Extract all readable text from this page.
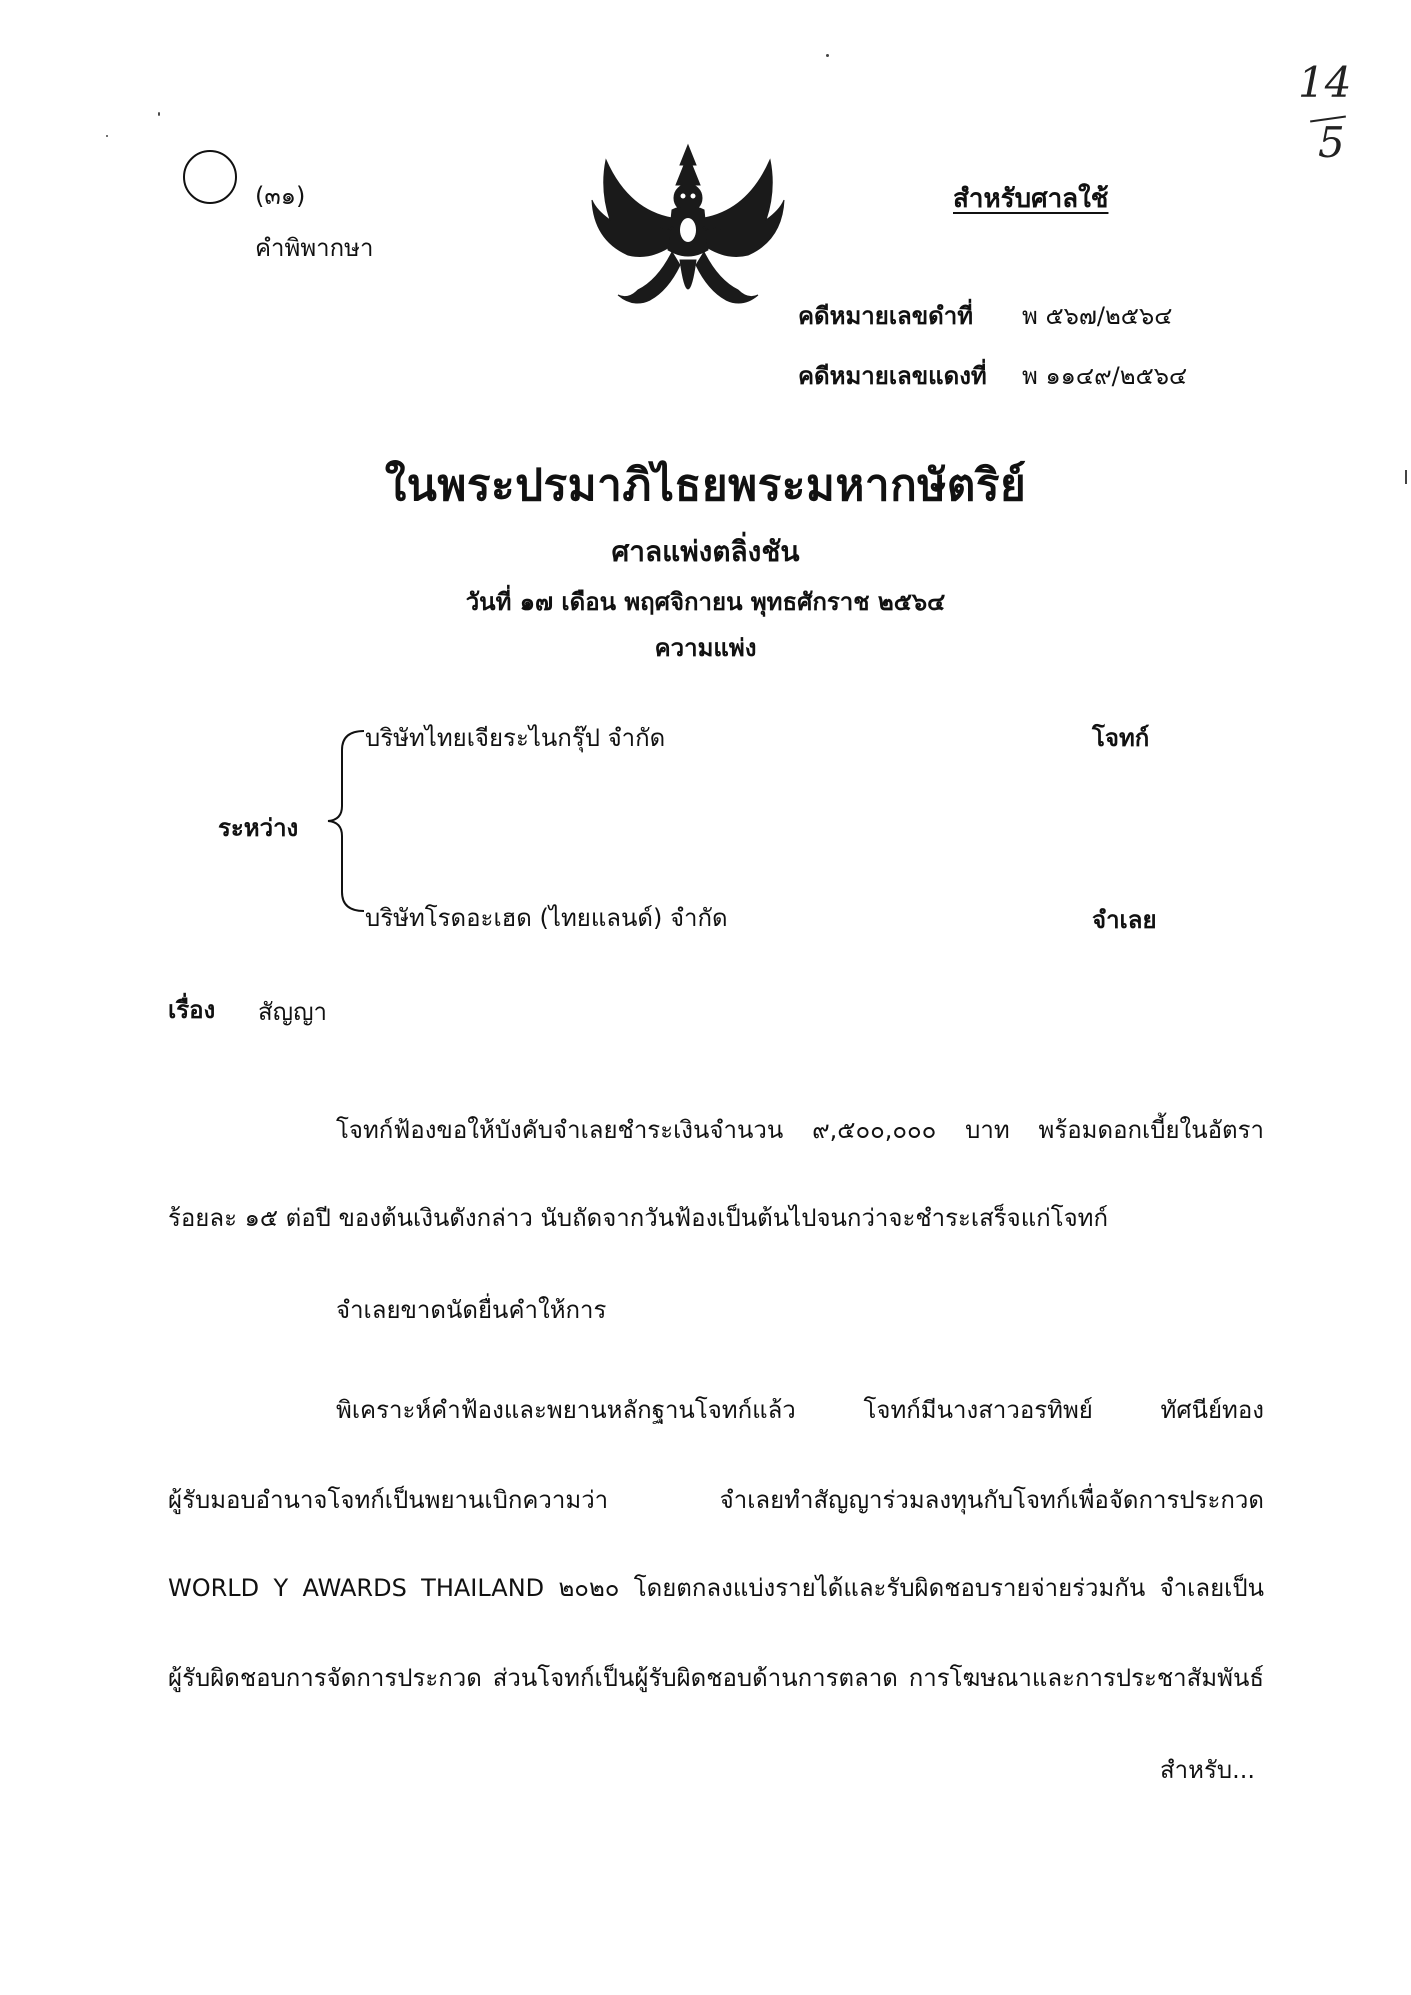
(๓๑)
คำพิพากษา
สำหรับศาลใช้
14
5
คดีหมายเลขดำที่ พ ๕๖๗/๒๕๖๔
คดีหมายเลขแดงที่ พ ๑๑๔๙/๒๕๖๔
ในพระปรมาภิไธยพระมหากษัตริย์
ศาลแพ่งตลิ่งชัน
วันที่ ๑๗ เดือน พฤศจิกายน พุทธศักราช ๒๕๖๔
ความแพ่ง
ระหว่าง
บริษัทไทยเจียระไนกรุ๊ป จำกัด	โจทก์
บริษัทโรดอะเฮด (ไทยแลนด์) จำกัด	จำเลย
เรื่อง สัญญา
โจทก์ฟ้องขอให้บังคับจำเลยชำระเงินจำนวน ๙,๕๐๐,๐๐๐ บาท พร้อมดอกเบี้ยในอัตรา
ร้อยละ ๑๕ ต่อปี ของต้นเงินดังกล่าว นับถัดจากวันฟ้องเป็นต้นไปจนกว่าจะชำระเสร็จแก่โจทก์
จำเลยขาดนัดยื่นคำให้การ
พิเคราะห์คำฟ้องและพยานหลักฐานโจทก์แล้ว โจทก์มีนางสาวอรทิพย์ ทัศนีย์ทอง
ผู้รับมอบอำนาจโจทก์เป็นพยานเบิกความว่า จำเลยทำสัญญาร่วมลงทุนกับโจทก์เพื่อจัดการประกวด
WORLD Y AWARDS THAILAND ๒๐๒๐ โดยตกลงแบ่งรายได้และรับผิดชอบรายจ่ายร่วมกัน จำเลยเป็น
ผู้รับผิดชอบการจัดการประกวด ส่วนโจทก์เป็นผู้รับผิดชอบด้านการตลาด การโฆษณาและการประชาสัมพันธ์
สำหรับ...
